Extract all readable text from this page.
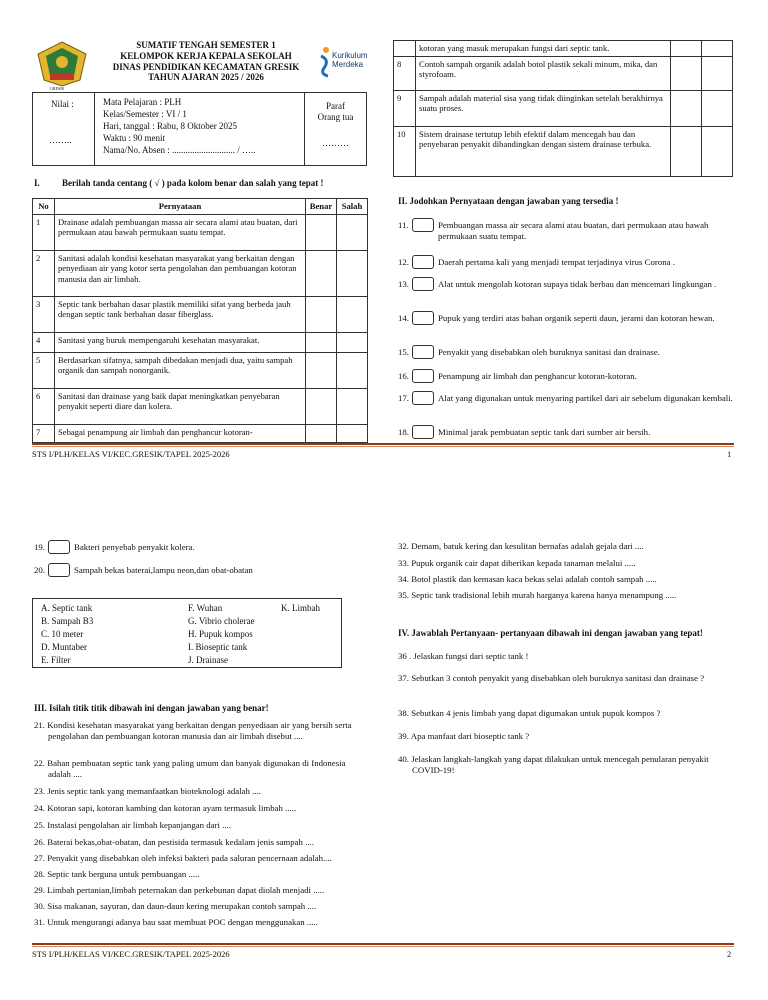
GRESIK
SUMATIF TENGAH SEMESTER 1
KELOMPOK KERJA KEPALA SEKOLAH
DINAS PENDIDIKAN KECAMATAN GRESIK
TAHUN AJARAN 2025 / 2026
Kurikulum
Merdeka
Nilai :
……..
Mata Pelajaran : PLH
Kelas/Semester : VI / 1
Hari, tanggal : Rabu, 8 Oktober 2025
Waktu : 90 menit
Nama/No. Absen : ............................ / …..
Paraf
Orang tua
………
I. Berilah tanda centang ( √ ) pada kolom benar dan salah yang tepat !
No	Pernyataan	Benar	Salah
1	Drainase adalah pembuangan massa air secara alami atau buatan, dari permukaan atau bawah permukaan suatu tempat.		
2	Sanitasi adalah kondisi kesehatan masyarakat yang berkaitan dengan penyediaan air yang kotor serta pengolahan dan pembuangan kotoran manusia dan air limbah.		
3	Septic tank berbahan dasar plastik memiliki sifat yang berbeda jauh dengan septic tank berbahan dasar fiberglass.		
4	Sanitasi yang buruk mempengaruhi kesehatan masyarakat.		
5	Berdasarkan sifatnya, sampah dibedakan menjadi dua, yaitu sampah organik dan sampah nonorganik.		
6	Sanitasi dan drainase yang baik dapat meningkatkan penyebaran penyakit seperti diare dan kolera.		
7	Sebagai penampung air limbah dan penghancur kotoran-		
	kotoran yang masuk merupakan fungsi dari septic tank.		
8	Contoh sampah organik adalah botol plastik sekali minum, mika, dan styrofoam.		
9	Sampah adalah material sisa yang tidak diinginkan setelah berakhirnya suatu proses.		
10	Sistem drainase tertutup lebih efektif dalam mencegah bau dan penyebaran penyakit dibandingkan dengan sistem drainase terbuka.		
II. Jodohkan Pernyataan dengan jawaban yang tersedia !
11.	Pembuangan massa air secara alami atau buatan, dari permukaan atau bawah permukaan suatu tempat.
12.	Daerah pertama kali yang menjadi tempat terjadinya virus Corona .
13.	Alat untuk mengolah kotoran supaya tidak berbau dan mencemari lingkungan .
14.	Pupuk yang terdiri atas bahan organik seperti daun, jerami dan kotoran hewan.
15.	Penyakit yang disebabkan oleh buruknya sanitasi dan drainase.
16.	Penampung air limbah dan penghancur kotoran-kotoran.
17.	Alat yang digunakan untuk menyaring partikel dari air sebelum digunakan kembali.
18.	Minimal jarak pembuatan septic tank dari sumber air bersih.
19.	Bakteri penyebab penyakit kolera.
20.	Sampah bekas baterai,lampu neon,dan obat-obatan
STS I/PLH/KELAS VI/KEC.GRESIK/TAPEL 2025-2026	1
A. Septic tank
B. Sampah B3
C. 10 meter
D. Muntaber
E. Filter
F. Wuhan
G. Vibrio cholerae
H. Pupuk kompos
I. Bioseptic tank
J. Drainase
K. Limbah
III. Isilah titik titik dibawah ini dengan jawaban yang benar!
21. Kondisi kesehatan masyarakat yang berkaitan dengan penyediaan air yang bersih serta pengolahan dan pembuangan kotoran manusia dan air limbah disebut ....
22. Bahan pembuatan septic tank yang paling umum dan banyak digunakan di Indonesia adalah ....
23. Jenis septic tank yang memanfaatkan bioteknologi adalah ....
24. Kotoran sapi, kotoran kambing dan kotoran ayam termasuk limbah .....
25. Instalasi pengolahan air limbah kepanjangan dari ....
26. Baterai bekas,obat-obatan, dan pestisida termasuk kedalam jenis sampah ....
27. Penyakit yang disebabkan oleh infeksi bakteri pada saluran pencernaan adalah....
28. Septic tank berguna untuk pembuangan .....
29. Limbah pertanian,limbah peternakan dan perkebunan dapat diolah menjadi .....
30. Sisa makanan, sayuran, dan daun-daun kering merupakan contoh sampah ....
31. Untuk mengurangi adanya bau saat membuat POC dengan menggunakan .....
32. Demam, batuk kering dan kesulitan bernafas adalah gejala dari ....
33. Pupuk organik cair dapat diberikan kepada tanaman melalui .....
34. Botol plastik dan kemasan kaca bekas selai adalah contoh sampah .....
35. Septic tank tradisional lebih murah harganya karena hanya menampung .....
IV. Jawablah Pertanyaan- pertanyaan dibawah ini dengan jawaban yang tepat!
36 . Jelaskan fungsi dari septic tank !
37. Sebutkan 3 contoh penyakit yang disebabkan oleh buruknya sanitasi dan drainase ?
38. Sebutkan 4 jenis limbah yang dapat digumakan untuk pupuk kompos ?
39. Apa manfaat dari bioseptic tank ?
40. Jelaskan langkah-langkah yang dapat dilakukan untuk mencegah penularan penyakit COVID-19!
STS I/PLH/KELAS VI/KEC.GRESIK/TAPEL 2025-2026	2
